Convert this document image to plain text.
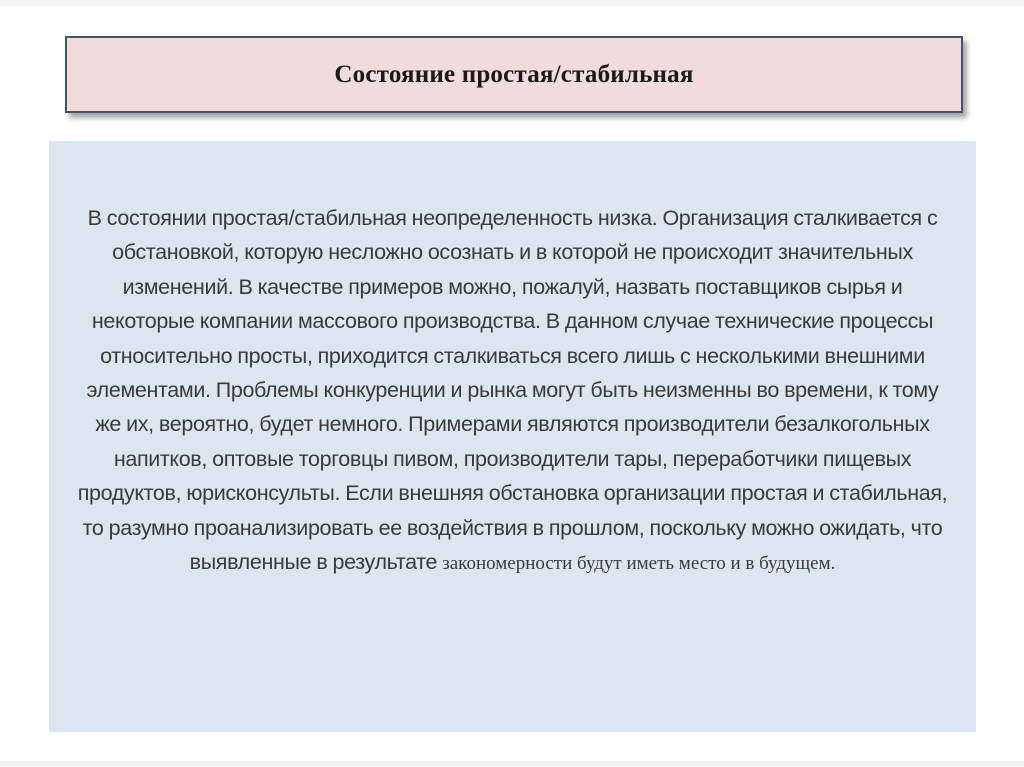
Состояние простая/стабильная
В состоянии простая/стабильная неопределенность низка. Организация сталкивается с обстановкой, которую несложно осознать и в которой не происходит значительных изменений. В качестве примеров можно, пожалуй, назвать поставщиков сырья и некоторые компании массового производства. В данном случае технические процессы относительно просты, приходится сталкиваться всего лишь с несколькими внешними элементами. Проблемы конкуренции и рынка могут быть неизменны во времени, к тому же их, вероятно, будет немного. Примерами являются производители безалкогольных напитков, оптовые торговцы пивом, производители тары, переработчики пищевых продуктов, юрисконсульты. Если внешняя обстановка организации простая и стабильная, то разумно проанализировать ее воздействия в прошлом, поскольку можно ожидать, что выявленные в результате закономерности будут иметь место и в будущем.
